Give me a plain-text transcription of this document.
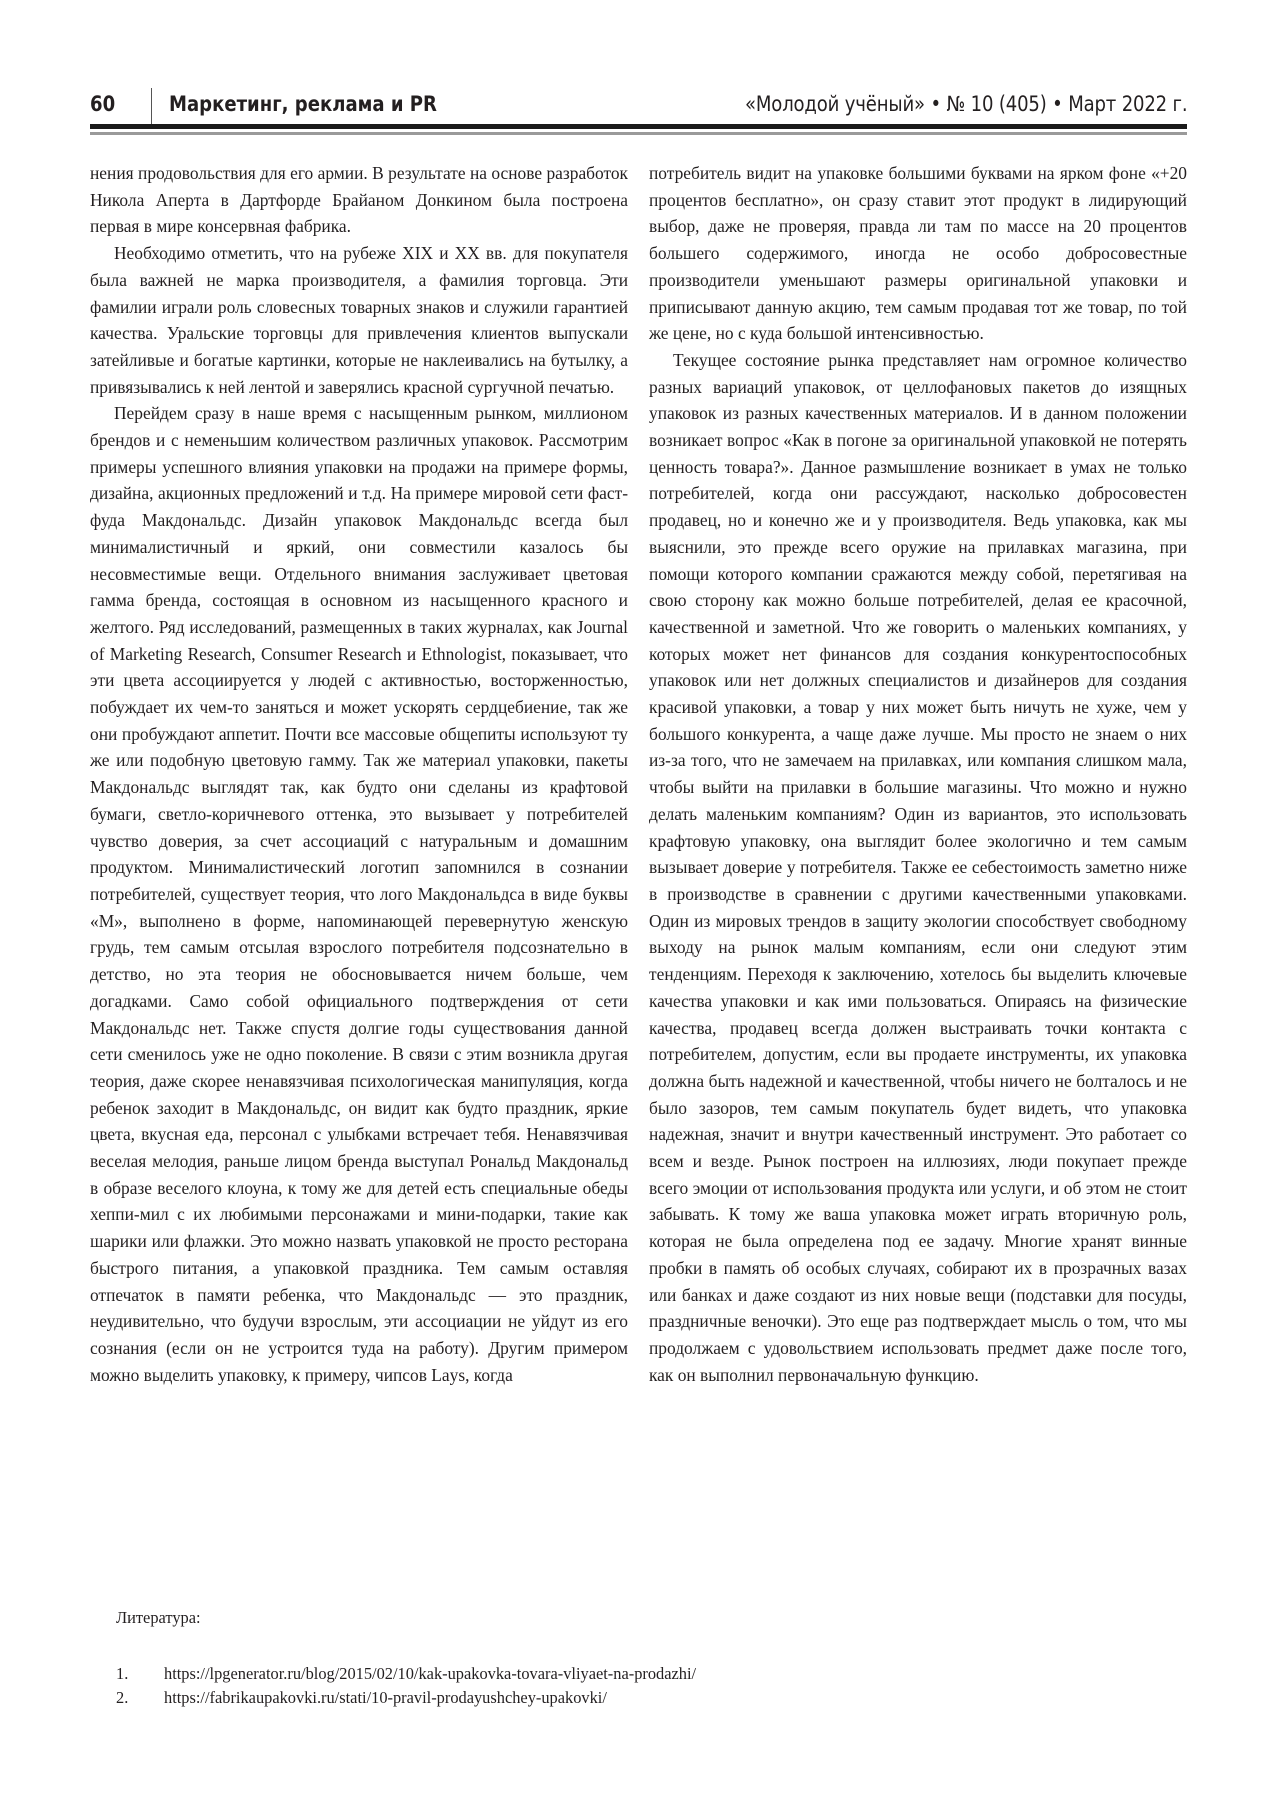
60	Маркетинг, реклама и PR	«Молодой учёный» • № 10 (405) • Март 2022 г.

нения продовольствия для его армии. В результате на основе разработок Никола Аперта в Дартфорде Брайаном Донкином была построена первая в мире консервная фабрика.

Необходимо отметить, что на рубеже XIX и XX вв. для покупателя была важней не марка производителя, а фамилия торговца. Эти фамилии играли роль словесных товарных знаков и служили гарантией качества. Уральские торговцы для привлечения клиентов выпускали затейливые и богатые картинки, которые не наклеивались на бутылку, а привязывались к ней лентой и заверялись красной сургучной печатью.

Перейдем сразу в наше время с насыщенным рынком, миллионом брендов и с неменьшим количеством различных упаковок. Рассмотрим примеры успешного влияния упаковки на продажи на примере формы, дизайна, акционных предложений и т.д. На примере мировой сети фаст-фуда Макдональдс. Дизайн упаковок Макдональдс всегда был минималистичный и яркий, они совместили казалось бы несовместимые вещи. Отдельного внимания заслуживает цветовая гамма бренда, состоящая в основном из насыщенного красного и желтого. Ряд исследований, размещенных в таких журналах, как Journal of Marketing Research, Consumer Research и Ethnologist, показывает, что эти цвета ассоциируется у людей с активностью, восторженностью, побуждает их чем-то заняться и может ускорять сердцебиение, так же они пробуждают аппетит. Почти все массовые общепиты используют ту же или подобную цветовую гамму. Так же материал упаковки, пакеты Макдональдс выглядят так, как будто они сделаны из крафтовой бумаги, светло-коричневого оттенка, это вызывает у потребителей чувство доверия, за счет ассоциаций с натуральным и домашним продуктом. Минималистический логотип запомнился в сознании потребителей, существует теория, что лого Макдональдса в виде буквы «М», выполнено в форме, напоминающей перевернутую женскую грудь, тем самым отсылая взрослого потребителя подсознательно в детство, но эта теория не обосновывается ничем больше, чем догадками. Само собой официального подтверждения от сети Макдональдс нет. Также спустя долгие годы существования данной сети сменилось уже не одно поколение. В связи с этим возникла другая теория, даже скорее ненавязчивая психологическая манипуляция, когда ребенок заходит в Макдональдс, он видит как будто праздник, яркие цвета, вкусная еда, персонал с улыбками встречает тебя. Ненавязчивая веселая мелодия, раньше лицом бренда выступал Рональд Макдональд в образе веселого клоуна, к тому же для детей есть специальные обеды хеппи-мил с их любимыми персонажами и мини-подарки, такие как шарики или флажки. Это можно назвать упаковкой не просто ресторана быстрого питания, а упаковкой праздника. Тем самым оставляя отпечаток в памяти ребенка, что Макдональдс — это праздник, неудивительно, что будучи взрослым, эти ассоциации не уйдут из его сознания (если он не устроится туда на работу). Другим примером можно выделить упаковку, к примеру, чипсов Lays, когда

потребитель видит на упаковке большими буквами на ярком фоне «+20 процентов бесплатно», он сразу ставит этот продукт в лидирующий выбор, даже не проверяя, правда ли там по массе на 20 процентов большего содержимого, иногда не особо добросовестные производители уменьшают размеры оригинальной упаковки и приписывают данную акцию, тем самым продавая тот же товар, по той же цене, но с куда большой интенсивностью.

Текущее состояние рынка представляет нам огромное количество разных вариаций упаковок, от целлофановых пакетов до изящных упаковок из разных качественных материалов. И в данном положении возникает вопрос «Как в погоне за оригинальной упаковкой не потерять ценность товара?». Данное размышление возникает в умах не только потребителей, когда они рассуждают, насколько добросовестен продавец, но и конечно же и у производителя. Ведь упаковка, как мы выяснили, это прежде всего оружие на прилавках магазина, при помощи которого компании сражаются между собой, перетягивая на свою сторону как можно больше потребителей, делая ее красочной, качественной и заметной. Что же говорить о маленьких компаниях, у которых может нет финансов для создания конкурентоспособных упаковок или нет должных специалистов и дизайнеров для создания красивой упаковки, а товар у них может быть ничуть не хуже, чем у большого конкурента, а чаще даже лучше. Мы просто не знаем о них из-за того, что не замечаем на прилавках, или компания слишком мала, чтобы выйти на прилавки в большие магазины. Что можно и нужно делать маленьким компаниям? Один из вариантов, это использовать крафтовую упаковку, она выглядит более экологично и тем самым вызывает доверие у потребителя. Также ее себестоимость заметно ниже в производстве в сравнении с другими качественными упаковками. Один из мировых трендов в защиту экологии способствует свободному выходу на рынок малым компаниям, если они следуют этим тенденциям. Переходя к заключению, хотелось бы выделить ключевые качества упаковки и как ими пользоваться. Опираясь на физические качества, продавец всегда должен выстраивать точки контакта с потребителем, допустим, если вы продаете инструменты, их упаковка должна быть надежной и качественной, чтобы ничего не болталось и не было зазоров, тем самым покупатель будет видеть, что упаковка надежная, значит и внутри качественный инструмент. Это работает со всем и везде. Рынок построен на иллюзиях, люди покупает прежде всего эмоции от использования продукта или услуги, и об этом не стоит забывать. К тому же ваша упаковка может играть вторичную роль, которая не была определена под ее задачу. Многие хранят винные пробки в память об особых случаях, собирают их в прозрачных вазах или банках и даже создают из них новые вещи (подставки для посуды, праздничные веночки). Это еще раз подтверждает мысль о том, что мы продолжаем с удовольствием использовать предмет даже после того, как он выполнил первоначальную функцию.

Литература:

1.	https://lpgenerator.ru/blog/2015/02/10/kak-upakovka-tovara-vliyaet-na-prodazhi/
2.	https://fabrikaupakovki.ru/stati/10-pravil-prodayushchey-upakovki/
